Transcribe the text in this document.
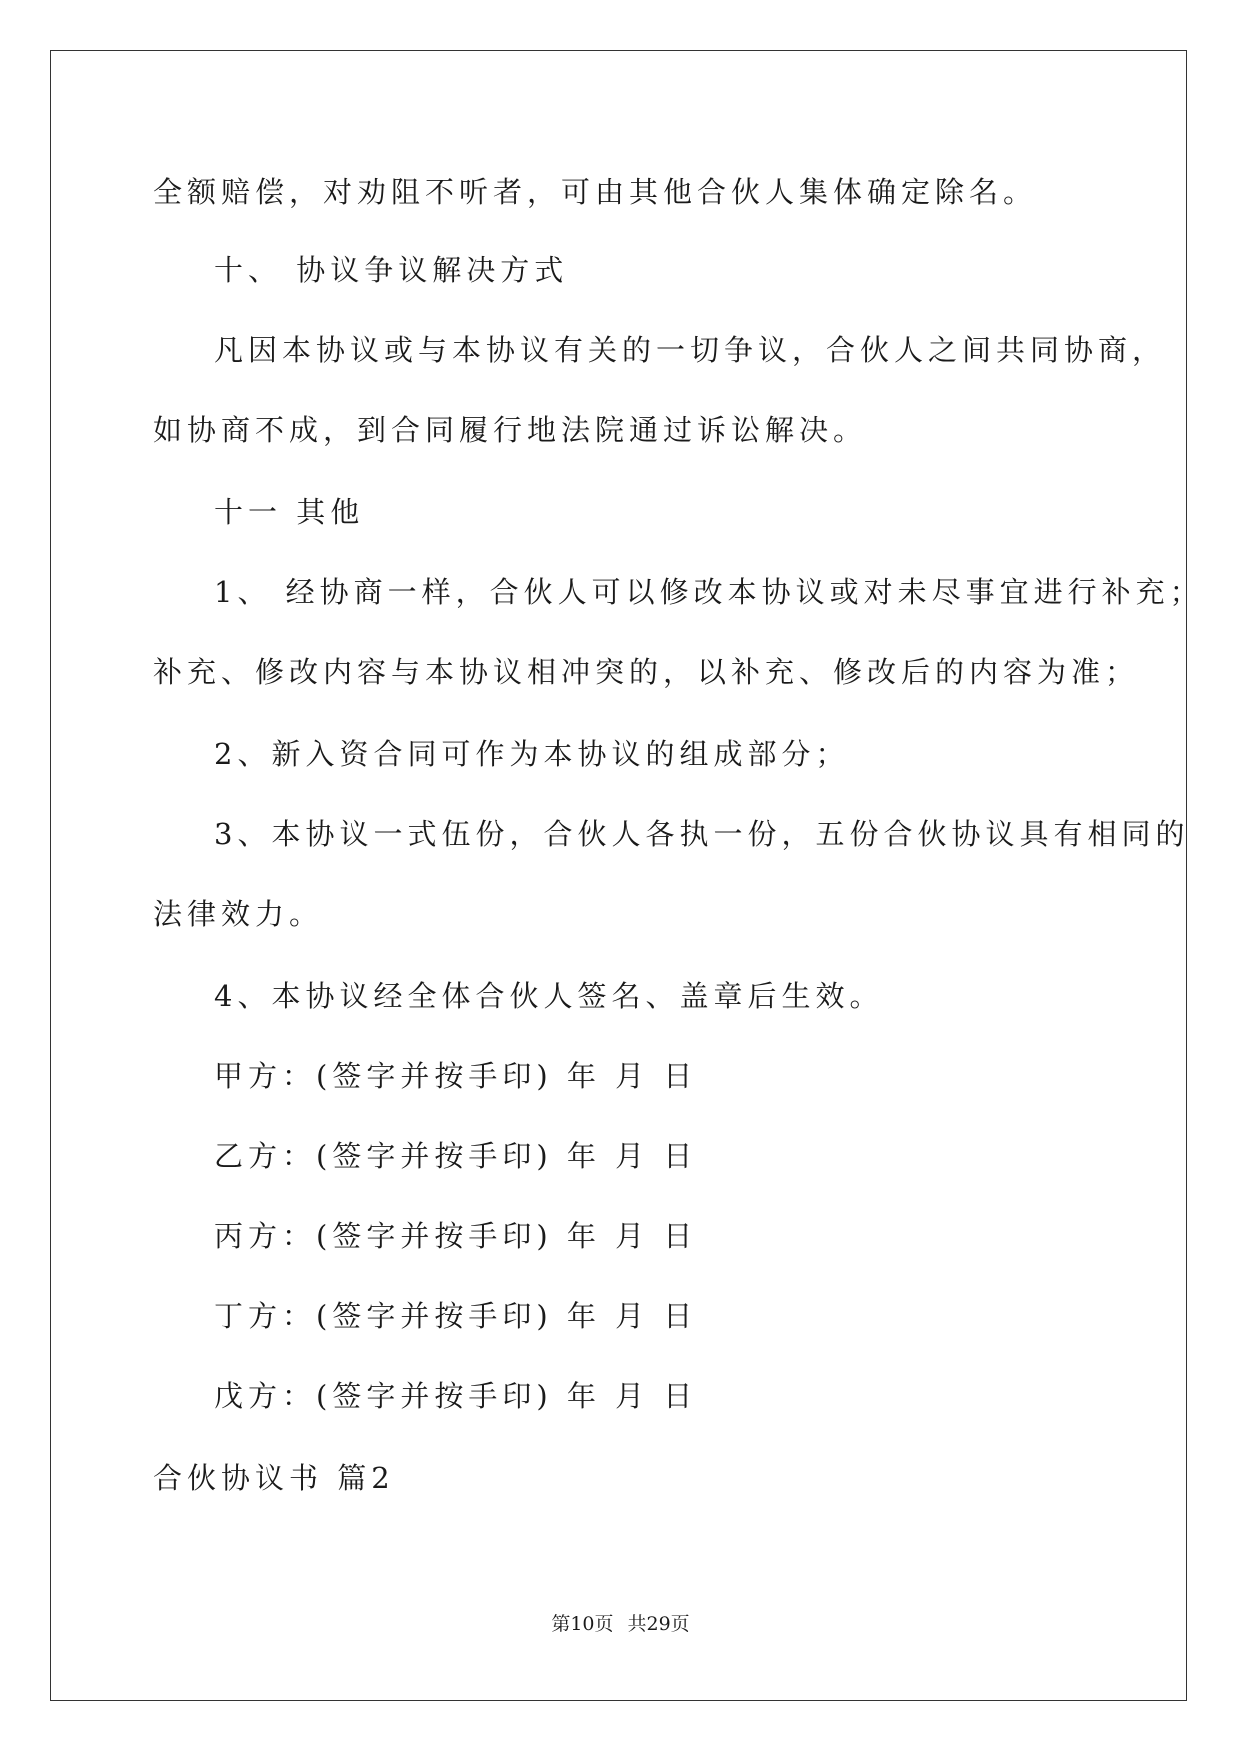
全额赔偿，对劝阻不听者，可由其他合伙人集体确定除名。
十、 协议争议解决方式
凡因本协议或与本协议有关的一切争议，合伙人之间共同协商，
如协商不成，到合同履行地法院通过诉讼解决。
十一 其他
1、 经协商一样，合伙人可以修改本协议或对未尽事宜进行补充；
补充、修改内容与本协议相冲突的，以补充、修改后的内容为准；
2、新入资合同可作为本协议的组成部分；
3、本协议一式伍份，合伙人各执一份，五份合伙协议具有相同的
法律效力。
4、本协议经全体合伙人签名、盖章后生效。
甲方：(签字并按手印) 年 月 日
乙方：(签字并按手印) 年 月 日
丙方：(签字并按手印) 年 月 日
丁方：(签字并按手印) 年 月 日
戊方：(签字并按手印) 年 月 日
合伙协议书 篇2
第10页 共29页
